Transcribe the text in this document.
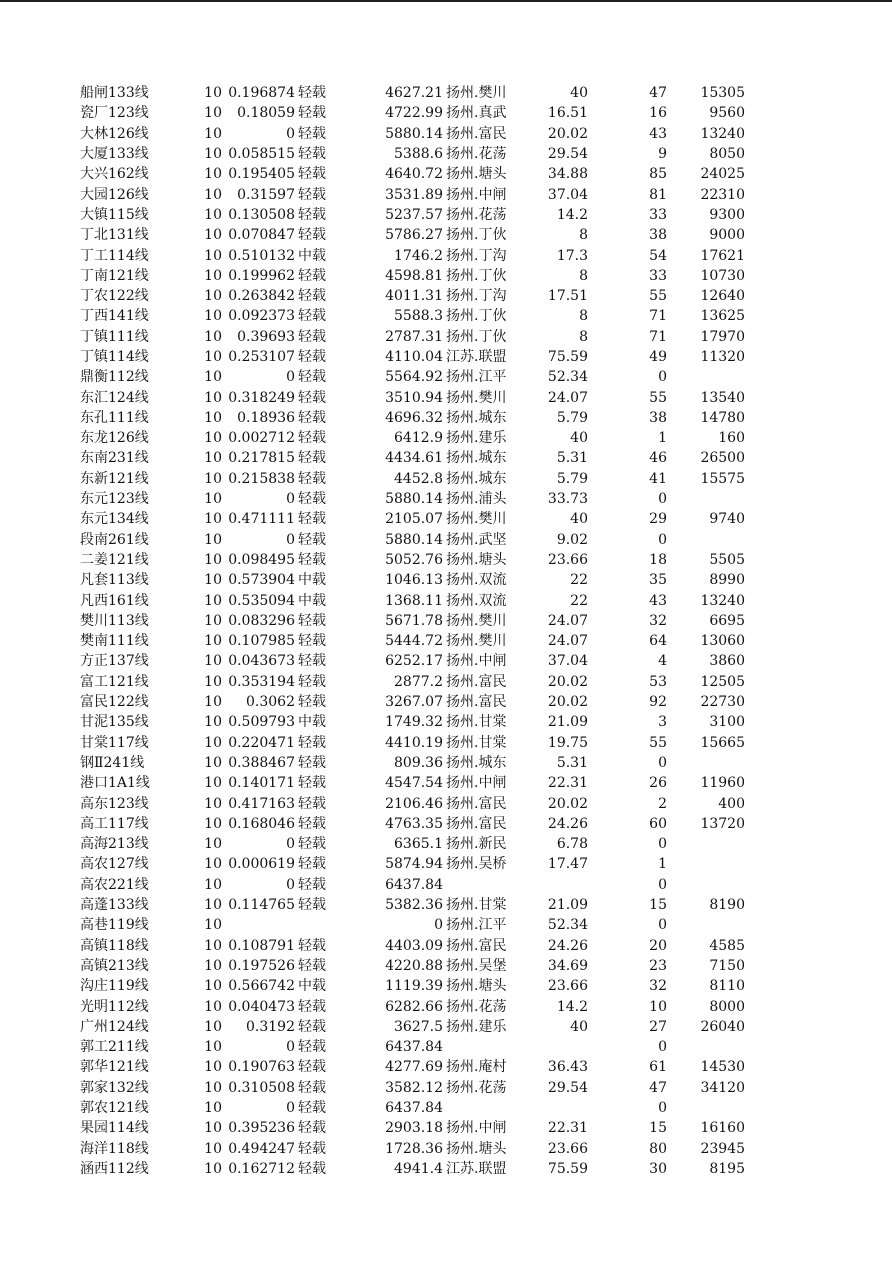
船闸133线	10	0.196874	轻载	4627.21	扬州.樊川	40	47	15305
瓷厂123线	10	0.18059	轻载	4722.99	扬州.真武	16.51	16	9560
大林126线	10	0	轻载	5880.14	扬州.富民	20.02	43	13240
大厦133线	10	0.058515	轻载	5388.6	扬州.花荡	29.54	9	8050
大兴162线	10	0.195405	轻载	4640.72	扬州.塘头	34.88	85	24025
大园126线	10	0.31597	轻载	3531.89	扬州.中闸	37.04	81	22310
大镇115线	10	0.130508	轻载	5237.57	扬州.花荡	14.2	33	9300
丁北131线	10	0.070847	轻载	5786.27	扬州.丁伙	8	38	9000
丁工114线	10	0.510132	中载	1746.2	扬州.丁沟	17.3	54	17621
丁南121线	10	0.199962	轻载	4598.81	扬州.丁伙	8	33	10730
丁农122线	10	0.263842	轻载	4011.31	扬州.丁沟	17.51	55	12640
丁西141线	10	0.092373	轻载	5588.3	扬州.丁伙	8	71	13625
丁镇111线	10	0.39693	轻载	2787.31	扬州.丁伙	8	71	17970
丁镇114线	10	0.253107	轻载	4110.04	江苏.联盟	75.59	49	11320
鼎衡112线	10	0	轻载	5564.92	扬州.江平	52.34	0	
东汇124线	10	0.318249	轻载	3510.94	扬州.樊川	24.07	55	13540
东孔111线	10	0.18936	轻载	4696.32	扬州.城东	5.79	38	14780
东龙126线	10	0.002712	轻载	6412.9	扬州.建乐	40	1	160
东南231线	10	0.217815	轻载	4434.61	扬州.城东	5.31	46	26500
东新121线	10	0.215838	轻载	4452.8	扬州.城东	5.79	41	15575
东元123线	10	0	轻载	5880.14	扬州.浦头	33.73	0	
东元134线	10	0.471111	轻载	2105.07	扬州.樊川	40	29	9740
段南261线	10	0	轻载	5880.14	扬州.武坚	9.02	0	
二姜121线	10	0.098495	轻载	5052.76	扬州.塘头	23.66	18	5505
凡套113线	10	0.573904	中载	1046.13	扬州.双流	22	35	8990
凡西161线	10	0.535094	中载	1368.11	扬州.双流	22	43	13240
樊川113线	10	0.083296	轻载	5671.78	扬州.樊川	24.07	32	6695
樊南111线	10	0.107985	轻载	5444.72	扬州.樊川	24.07	64	13060
方正137线	10	0.043673	轻载	6252.17	扬州.中闸	37.04	4	3860
富工121线	10	0.353194	轻载	2877.2	扬州.富民	20.02	53	12505
富民122线	10	0.3062	轻载	3267.07	扬州.富民	20.02	92	22730
甘泥135线	10	0.509793	中载	1749.32	扬州.甘棠	21.09	3	3100
甘棠117线	10	0.220471	轻载	4410.19	扬州.甘棠	19.75	55	15665
钢Ⅱ241线	10	0.388467	轻载	809.36	扬州.城东	5.31	0	
港口1A1线	10	0.140171	轻载	4547.54	扬州.中闸	22.31	26	11960
高东123线	10	0.417163	轻载	2106.46	扬州.富民	20.02	2	400
高工117线	10	0.168046	轻载	4763.35	扬州.富民	24.26	60	13720
高海213线	10	0	轻载	6365.1	扬州.新民	6.78	0	
高农127线	10	0.000619	轻载	5874.94	扬州.吴桥	17.47	1	
高农221线	10	0	轻载	6437.84			0	
高蓬133线	10	0.114765	轻载	5382.36	扬州.甘棠	21.09	15	8190
高巷119线	10			0	扬州.江平	52.34	0	
高镇118线	10	0.108791	轻载	4403.09	扬州.富民	24.26	20	4585
高镇213线	10	0.197526	轻载	4220.88	扬州.吴堡	34.69	23	7150
沟庄119线	10	0.566742	中载	1119.39	扬州.塘头	23.66	32	8110
光明112线	10	0.040473	轻载	6282.66	扬州.花荡	14.2	10	8000
广州124线	10	0.3192	轻载	3627.5	扬州.建乐	40	27	26040
郭工211线	10	0	轻载	6437.84			0	
郭华121线	10	0.190763	轻载	4277.69	扬州.庵村	36.43	61	14530
郭家132线	10	0.310508	轻载	3582.12	扬州.花荡	29.54	47	34120
郭农121线	10	0	轻载	6437.84			0	
果园114线	10	0.395236	轻载	2903.18	扬州.中闸	22.31	15	16160
海洋118线	10	0.494247	轻载	1728.36	扬州.塘头	23.66	80	23945
涵西112线	10	0.162712	轻载	4941.4	江苏.联盟	75.59	30	8195
